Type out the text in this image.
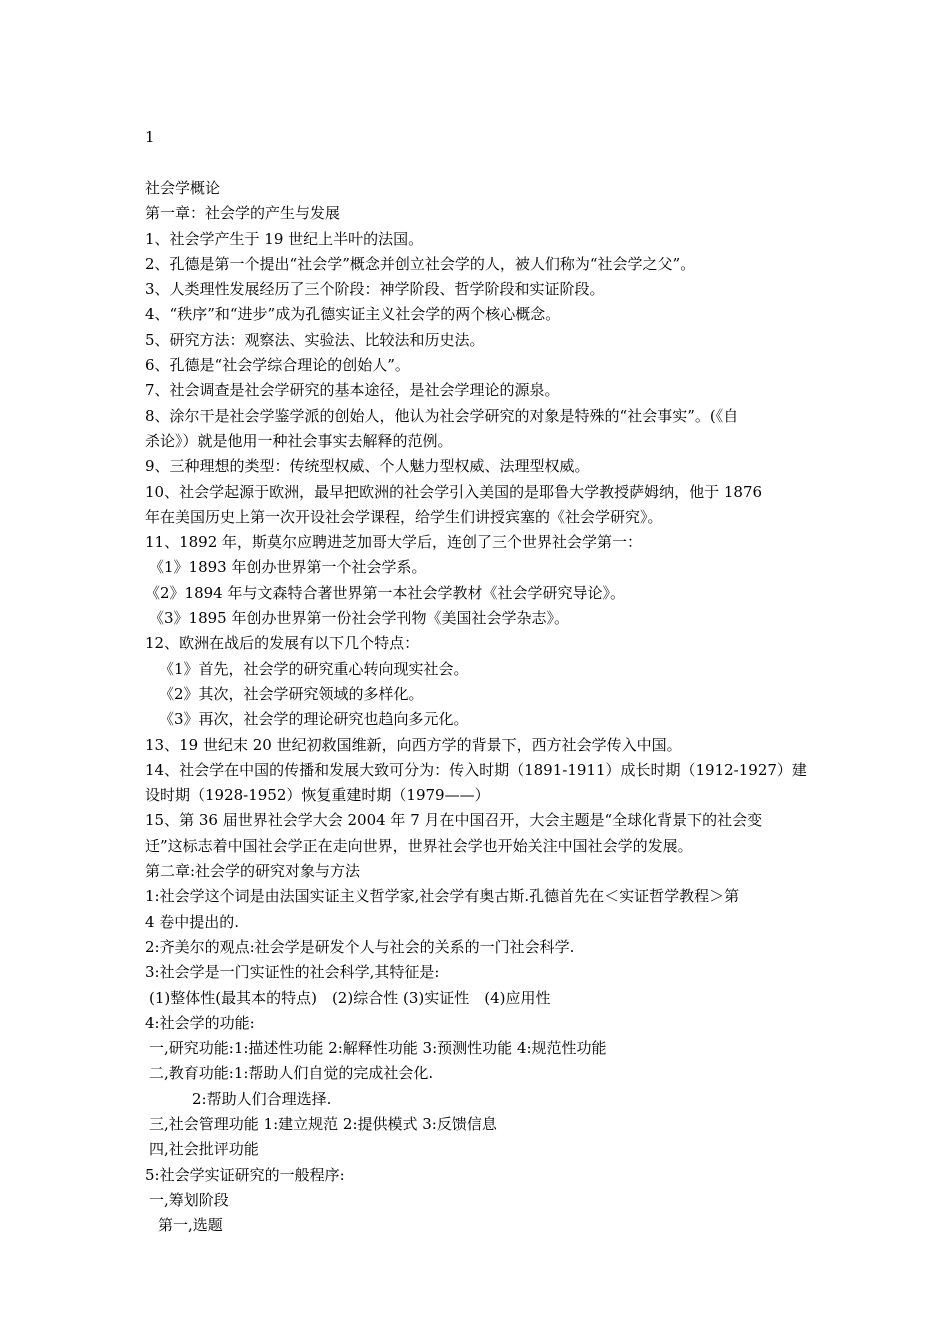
1
社会学概论
第一章：社会学的产生与发展
1、社会学产生于 19 世纪上半叶的法国。
2、孔德是第一个提出“社会学”概念并创立社会学的人，被人们称为“社会学之父”。
3、人类理性发展经历了三个阶段：神学阶段、哲学阶段和实证阶段。
4、“秩序”和“进步”成为孔德实证主义社会学的两个核心概念。
5、研究方法：观察法、实验法、比较法和历史法。
6、孔德是“社会学综合理论的创始人”。
7、社会调查是社会学研究的基本途径，是社会学理论的源泉。
8、涂尔干是社会学鉴学派的创始人，他认为社会学研究的对象是特殊的“社会事实”。(《自
杀论》）就是他用一种社会事实去解释的范例。
9、三种理想的类型：传统型权威、个人魅力型权威、法理型权威。
10、社会学起源于欧洲，最早把欧洲的社会学引入美国的是耶鲁大学教授萨姆纳，他于 1876
年在美国历史上第一次开设社会学课程，给学生们讲授宾塞的《社会学研究》。
11、1892 年，斯莫尔应聘进芝加哥大学后，连创了三个世界社会学第一：
《1》1893 年创办世界第一个社会学系。
《2》1894 年与文森特合著世界第一本社会学教材《社会学研究导论》。
《3》1895 年创办世界第一份社会学刊物《美国社会学杂志》。
12、欧洲在战后的发展有以下几个特点：
《1》首先，社会学的研究重心转向现实社会。
《2》其次，社会学研究领域的多样化。
《3》再次，社会学的理论研究也趋向多元化。
13、19 世纪末 20 世纪初救国维新，向西方学的背景下，西方社会学传入中国。
14、社会学在中国的传播和发展大致可分为：传入时期（1891-1911）成长时期（1912-1927）建
设时期（1928-1952）恢复重建时期（1979——）
15、第 36 届世界社会学大会 2004 年 7 月在中国召开，大会主题是“全球化背景下的社会变
迁”这标志着中国社会学正在走向世界，世界社会学也开始关注中国社会学的发展。
第二章:社会学的研究对象与方法
1:社会学这个词是由法国实证主义哲学家,社会学有奥古斯.孔德首先在＜实证哲学教程＞第
4 卷中提出的.
2:齐美尔的观点:社会学是研发个人与社会的关系的一门社会科学.
3:社会学是一门实证性的社会科学,其特征是:
(1)整体性(最其本的特点)　(2)综合性 (3)实证性　(4)应用性
4:社会学的功能:
一,研究功能:1:描述性功能 2:解释性功能 3:预测性功能 4:规范性功能
二,教育功能:1:帮助人们自觉的完成社会化.
2:帮助人们合理选择.
三,社会管理功能 1:建立规范 2:提供模式 3:反馈信息
四,社会批评功能
5:社会学实证研究的一般程序:
一,筹划阶段
第一,选题
